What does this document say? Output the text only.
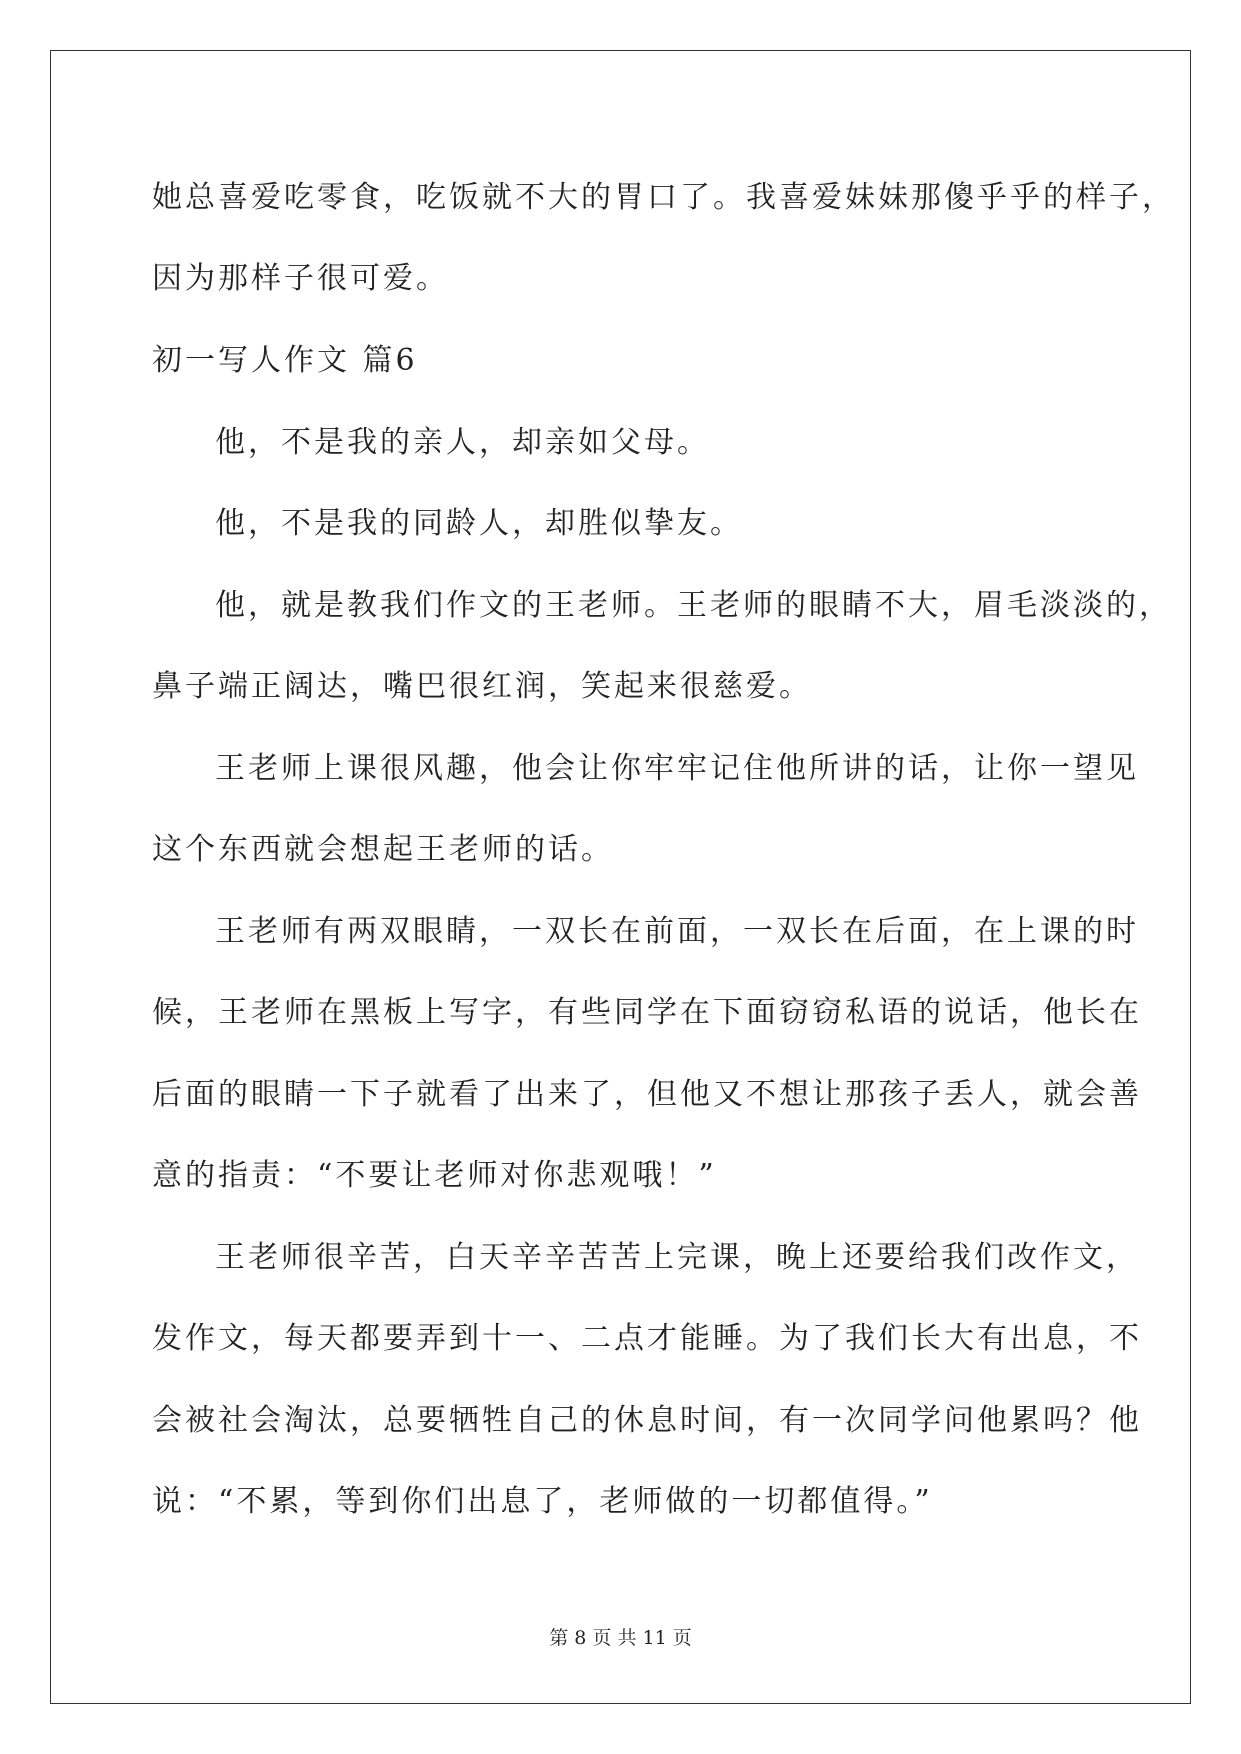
她总喜爱吃零食，吃饭就不大的胃口了。我喜爱妹妹那傻乎乎的样子，
因为那样子很可爱。
初一写人作文 篇6
他，不是我的亲人，却亲如父母。
他，不是我的同龄人，却胜似挚友。
他，就是教我们作文的王老师。王老师的眼睛不大，眉毛淡淡的，
鼻子端正阔达，嘴巴很红润，笑起来很慈爱。
王老师上课很风趣，他会让你牢牢记住他所讲的话，让你一望见
这个东西就会想起王老师的话。
王老师有两双眼睛，一双长在前面，一双长在后面，在上课的时
候，王老师在黑板上写字，有些同学在下面窃窃私语的说话，他长在
后面的眼睛一下子就看了出来了，但他又不想让那孩子丢人，就会善
意的指责：“不要让老师对你悲观哦！”
王老师很辛苦，白天辛辛苦苦上完课，晚上还要给我们改作文，
发作文，每天都要弄到十一、二点才能睡。为了我们长大有出息，不
会被社会淘汰，总要牺牲自己的休息时间，有一次同学问他累吗？他
说：“不累，等到你们出息了，老师做的一切都值得。”
第 8 页 共 11 页
